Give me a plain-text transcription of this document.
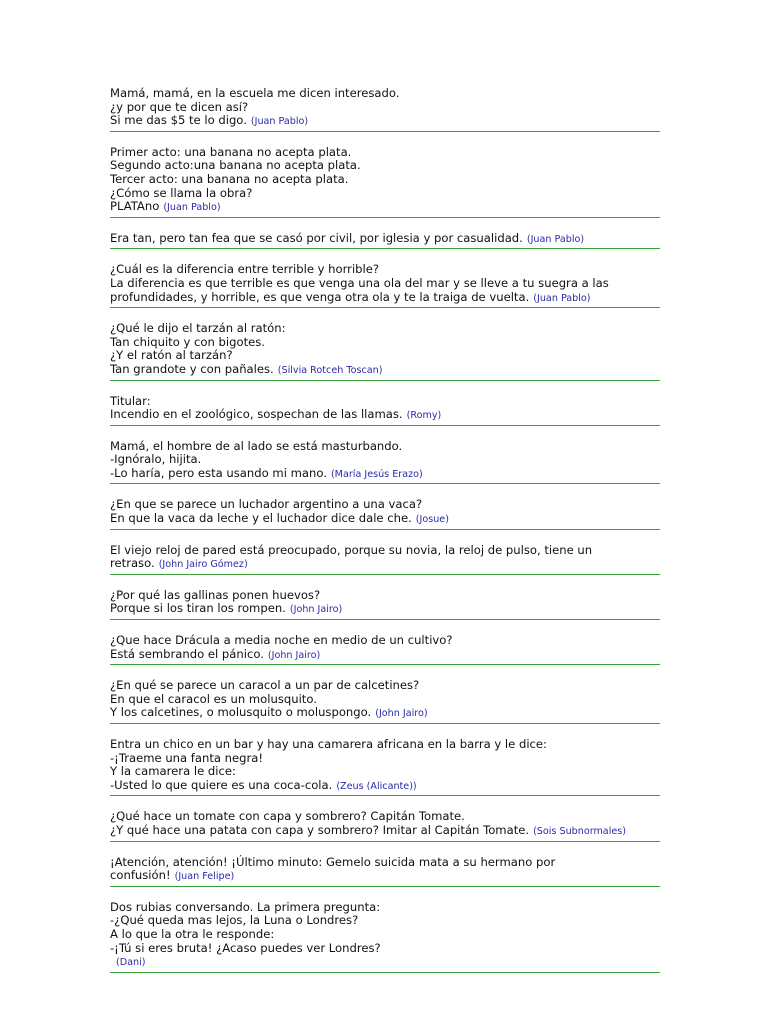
Mamá, mamá, en la escuela me dicen interesado.
¿y por que te dicen así?
Si me das $5 te lo digo. (Juan Pablo)
Primer acto: una banana no acepta plata.
Segundo acto:una banana no acepta plata.
Tercer acto: una banana no acepta plata.
¿Cómo se llama la obra?
PLATAno (Juan Pablo)
Era tan, pero tan fea que se casó por civil, por iglesia y por casualidad. (Juan Pablo)
¿Cuál es la diferencia entre terrible y horrible?
La diferencia es que terrible es que venga una ola del mar y se lleve a tu suegra a las
profundidades, y horrible, es que venga otra ola y te la traiga de vuelta. (Juan Pablo)
¿Qué le dijo el tarzán al ratón:
Tan chiquito y con bigotes.
¿Y el ratón al tarzán?
Tan grandote y con pañales. (Silvia Rotceh Toscan)
Titular:
Incendio en el zoológico, sospechan de las llamas. (Romy)
Mamá, el hombre de al lado se está masturbando.
-Ignóralo, hijita.
-Lo haría, pero esta usando mi mano. (María Jesús Erazo)
¿En que se parece un luchador argentino a una vaca?
En que la vaca da leche y el luchador dice dale che. (Josue)
El viejo reloj de pared está preocupado, porque su novia, la reloj de pulso, tiene un
retraso. (John Jairo Gómez)
¿Por qué las gallinas ponen huevos?
Porque si los tiran los rompen. (John Jairo)
¿Que hace Drácula a media noche en medio de un cultivo?
Está sembrando el pánico. (John Jairo)
¿En qué se parece un caracol a un par de calcetines?
En que el caracol es un molusquito.
Y los calcetines, o molusquito o moluspongo. (John Jairo)
Entra un chico en un bar y hay una camarera africana en la barra y le dice:
-¡Traeme una fanta negra!
Y la camarera le dice:
-Usted lo que quiere es una coca-cola. (Zeus (Alicante))
¿Qué hace un tomate con capa y sombrero? Capitán Tomate.
¿Y qué hace una patata con capa y sombrero? Imitar al Capitán Tomate. (Sois Subnormales)
¡Atención, atención! ¡Último minuto: Gemelo suicida mata a su hermano por
confusión! (Juan Felipe)
Dos rubias conversando. La primera pregunta:
-¿Qué queda mas lejos, la Luna o Londres?
A lo que la otra le responde:
-¡Tú si eres bruta! ¿Acaso puedes ver Londres?
(Dani)
